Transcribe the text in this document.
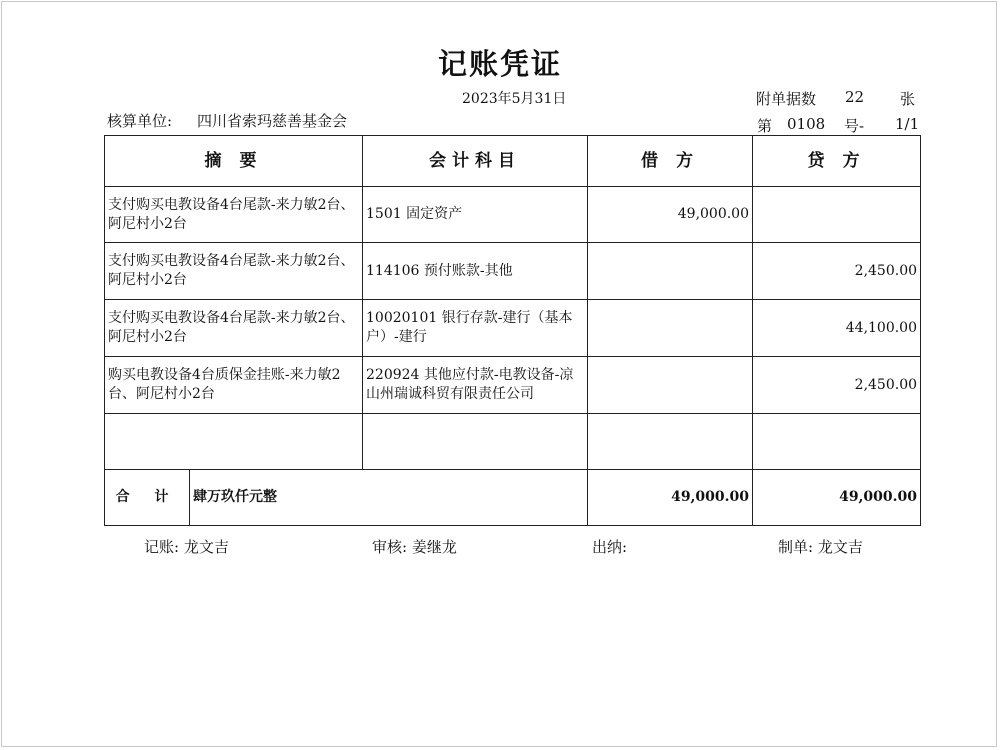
记账凭证
2023年5月31日
核算单位: 四川省索玛慈善基金会
附单据数 22 张
第 0108 号- 1/1
摘 要		会计科目	借 方	贷 方
支付购买电教设备4台尾款-来力敏2台、阿尼村小2台		1501 固定资产	49,000.00	
支付购买电教设备4台尾款-来力敏2台、阿尼村小2台		114106 预付账款-其他		2,450.00
支付购买电教设备4台尾款-来力敏2台、阿尼村小2台		10020101 银行存款-建行（基本户）-建行		44,100.00
购买电教设备4台质保金挂账-来力敏2台、阿尼村小2台		220924 其他应付款-电教设备-凉山州瑞诚科贸有限责任公司		2,450.00

合 计	肆万玖仟元整		49,000.00	49,000.00
记账: 龙文吉	审核: 姜继龙	出纳:	制单: 龙文吉
